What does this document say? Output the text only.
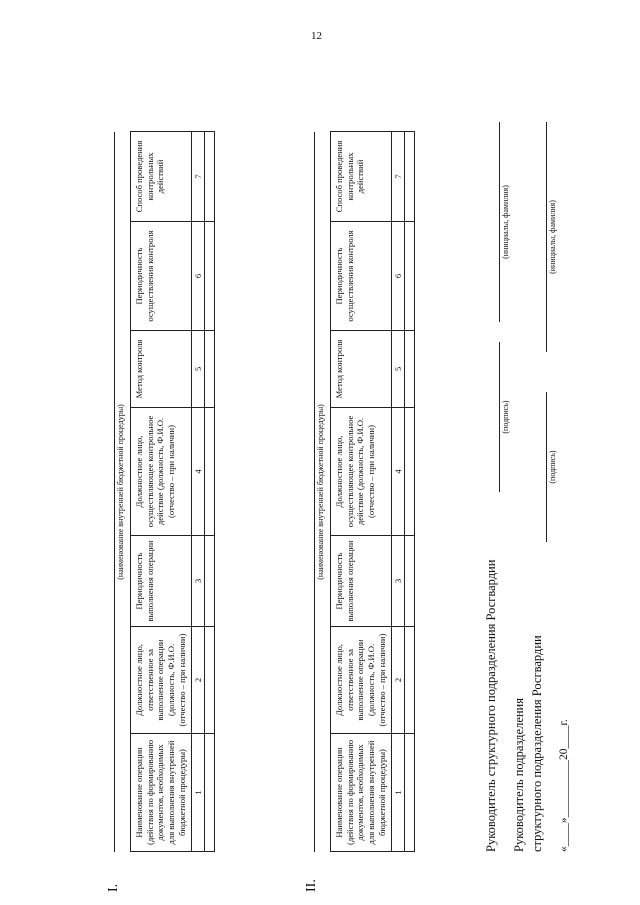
12
I.
(наименование внутренней бюджетной процедуры)
Наименование операции (действия по формированию документов, необходимых для выполнения внутренней бюджетной процедуры)	Должностное лицо, ответственное за выполнение операции (должность, Ф.И.О. (отчество – при наличии)	Периодичность выполнения операции	Должностное лицо, осуществляющее контрольное действие (должность, Ф.И.О. (отчество – при наличии)	Метод контроля	Периодичность осуществления контроля	Способ проведения контрольных действий
1	2	3	4	5	6	7

II.
(наименование внутренней бюджетной процедуры)
Наименование операции (действия по формированию документов, необходимых для выполнения внутренней бюджетной процедуры)	Должностное лицо, ответственное за выполнение операции (должность, Ф.И.О. (отчество – при наличии)	Периодичность выполнения операции	Должностное лицо, осуществляющее контрольное действие (должность, Ф.И.О. (отчество – при наличии)	Метод контроля	Периодичность осуществления контроля	Способ проведения контрольных действий
1	2	3	4	5	6	7

Руководитель структурного подразделения Росгвардии
(подпись)
(инициалы, фамилия)
Руководитель подразделения структурного подразделения Росгвардии
(подпись)
(инициалы, фамилия)
«____»__________20____г.
